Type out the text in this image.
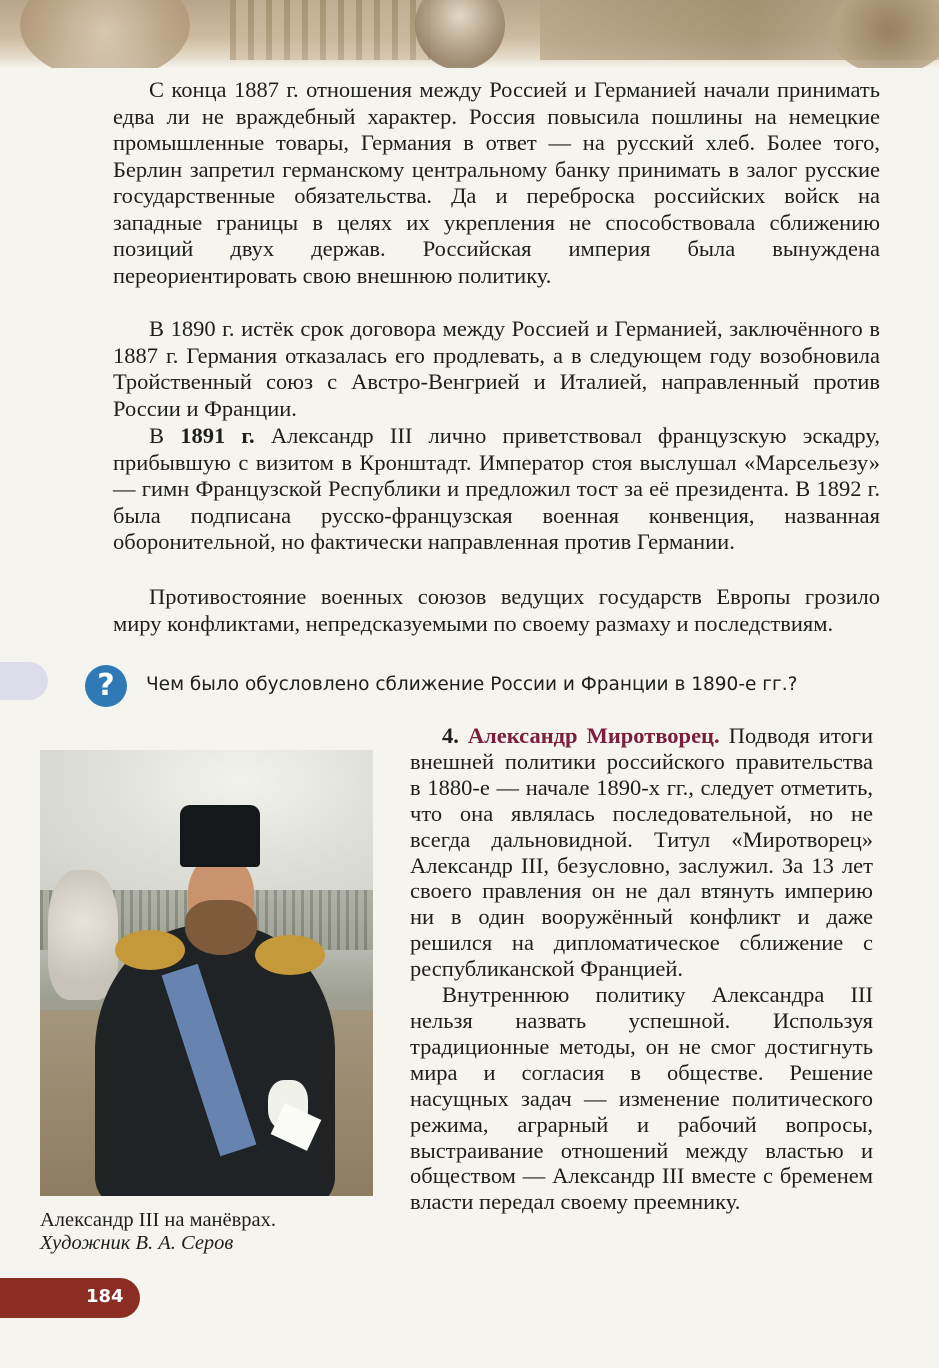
С конца 1887 г. отношения между Россией и Германией начали принимать едва ли не враждебный характер. Россия повысила пошлины на немецкие промышленные товары, Германия в ответ — на русский хлеб. Более того, Берлин запретил германскому центральному банку принимать в залог русские государственные обязательства. Да и переброска российских войск на западные границы в целях их укрепления не способствовала сближению позиций двух держав. Российская империя была вынуждена переориентировать свою внешнюю политику.
В 1890 г. истёк срок договора между Россией и Германией, заключённого в 1887 г. Германия отказалась его продлевать, а в следующем году возобновила Тройственный союз с Австро-Венгрией и Италией, направленный против России и Франции.
В 1891 г. Александр III лично приветствовал французскую эскадру, прибывшую с визитом в Кронштадт. Император стоя выслушал «Марсельезу» — гимн Французской Республики и предложил тост за её президента. В 1892 г. была подписана русско-французская военная конвенция, названная оборонительной, но фактически направленная против Германии.
Противостояние военных союзов ведущих государств Европы грозило миру конфликтами, непредсказуемыми по своему размаху и последствиям.
?	Чем было обусловлено сближение России и Франции в 1890-е гг.?
Александр III на манёврах.
Художник В. А. Серов
4. Александр Миротворец. Подводя итоги внешней политики российского правительства в 1880-е — начале 1890-х гг., следует отметить, что она являлась последовательной, но не всегда дальновидной. Титул «Миротворец» Александр III, безусловно, заслужил. За 13 лет своего правления он не дал втянуть империю ни в один вооружённый конфликт и даже решился на дипломатическое сближение с республиканской Францией.
Внутреннюю политику Александра III нельзя назвать успешной. Используя традиционные методы, он не смог достигнуть мира и согласия в обществе. Решение насущных задач — изменение политического режима, аграрный и рабочий вопросы, выстраивание отношений между властью и обществом — Александр III вместе с бременем власти передал своему преемнику.
184
